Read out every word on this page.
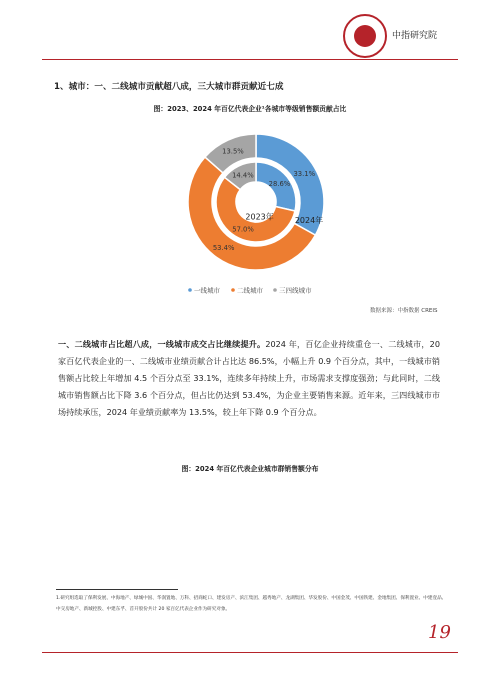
中指研究院
1、城市：一、二线城市贡献超八成，三大城市群贡献近七成
图：2023、2024 年百亿代表企业¹各城市等级销售额贡献占比
28.6%
57.0%
14.4%	33.1%
53.4%
13.5%
2023年	2024年
一线城市	二线城市 三四线城市
数据来源：中指数据 CREIS
一、二线城市占比超八成，一线城市成交占比继续提升。2024 年，百亿企业持续重仓一、二线城市，20 家百亿代表企业的一、二线城市业绩贡献合计占比达 86.5%，小幅上升 0.9 个百分点，其中，一线城市销售额占比较上年增加 4.5 个百分点至 33.1%，连续多年持续上升，市场需求支撑度强劲；与此同时，二线城市销售额占比下降 3.6 个百分点，但占比仍达到 53.4%，为企业主要销售来源。近年来，三四线城市市场持续承压，2024 年业绩贡献率为 13.5%，较上年下降 0.9 个百分点。
图：2024 年百亿代表企业城市群销售额分布
1.研究组选取了保利发展、中海地产、绿城中国、华润置地、万科、招商蛇口、建发房产、滨江集团、越秀地产、龙湖集团、华发股份、中国金茂、中国铁建、金地集团、保利置业、中建壹品、中交房地产、新城控股、中建东孚、首开股份共计 20 家百亿代表企业作为研究对象。
19
